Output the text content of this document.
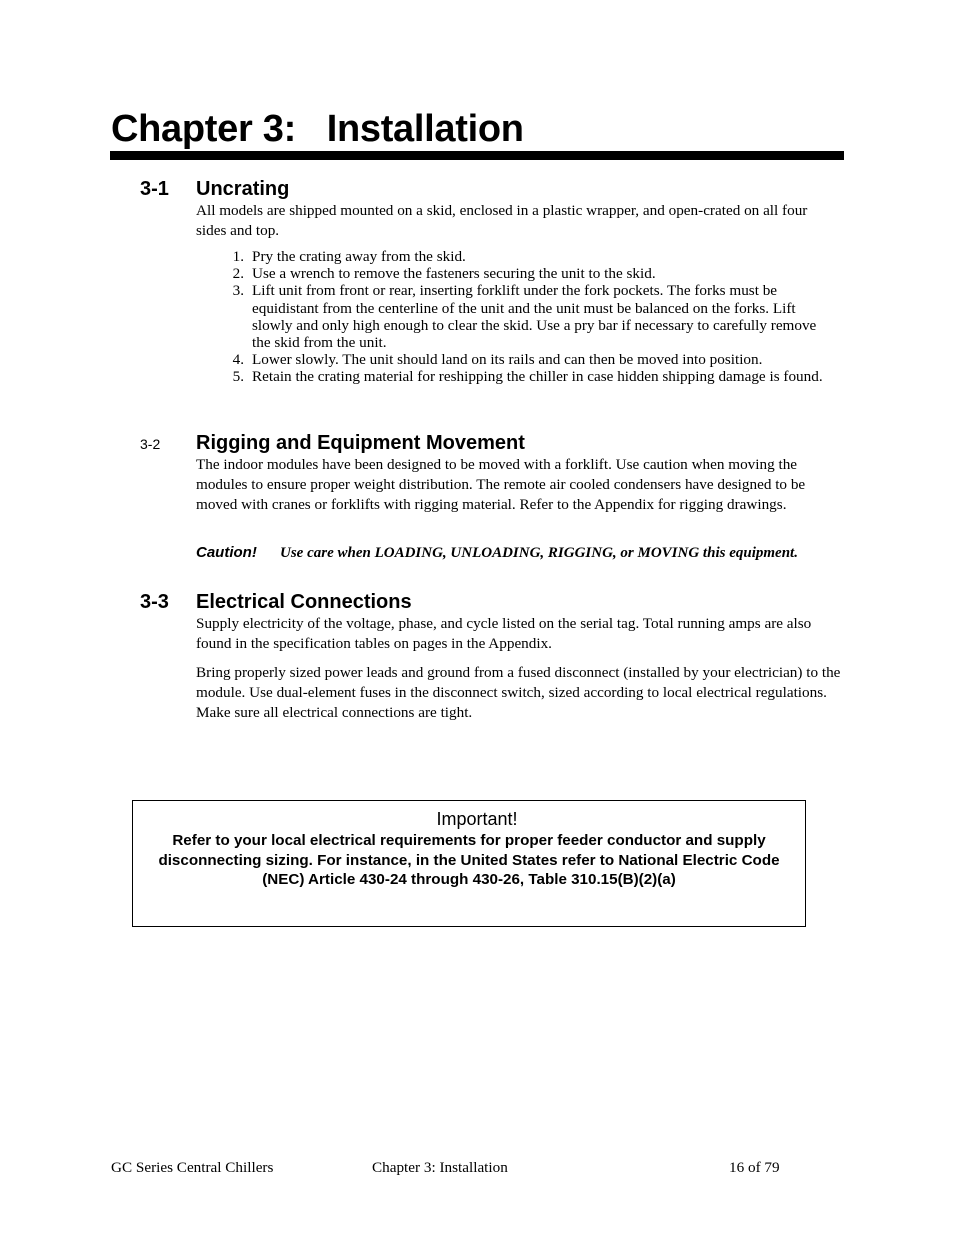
Chapter 3:   Installation
3-1 Uncrating

All models are shipped mounted on a skid, enclosed in a plastic wrapper, and open-crated on all four sides and top.

1. Pry the crating away from the skid.
2. Use a wrench to remove the fasteners securing the unit to the skid.
3. Lift unit from front or rear, inserting forklift under the fork pockets. The forks must be equidistant from the centerline of the unit and the unit must be balanced on the forks. Lift slowly and only high enough to clear the skid. Use a pry bar if necessary to carefully remove the skid from the unit.
4. Lower slowly. The unit should land on its rails and can then be moved into position.
5. Retain the crating material for reshipping the chiller in case hidden shipping damage is found.
3-2 Rigging and Equipment Movement

The indoor modules have been designed to be moved with a forklift. Use caution when moving the modules to ensure proper weight distribution. The remote air cooled condensers have designed to be moved with cranes or forklifts with rigging material. Refer to the Appendix for rigging drawings.

Caution! Use care when LOADING, UNLOADING, RIGGING, or MOVING this equipment.

3-3 Electrical Connections

Supply electricity of the voltage, phase, and cycle listed on the serial tag. Total running amps are also found in the specification tables on pages in the Appendix.

Bring properly sized power leads and ground from a fused disconnect (installed by your electrician) to the module. Use dual-element fuses in the disconnect switch, sized according to local electrical regulations. Make sure all electrical connections are tight.

Important!

Refer to your local electrical requirements for proper feeder conductor and supply disconnecting sizing. For instance, in the United States refer to National Electric Code (NEC) Article 430-24 through 430-26, Table 310.15(B)(2)(a)

GC Series Central Chillers	Chapter 3: Installation	16 of 79
